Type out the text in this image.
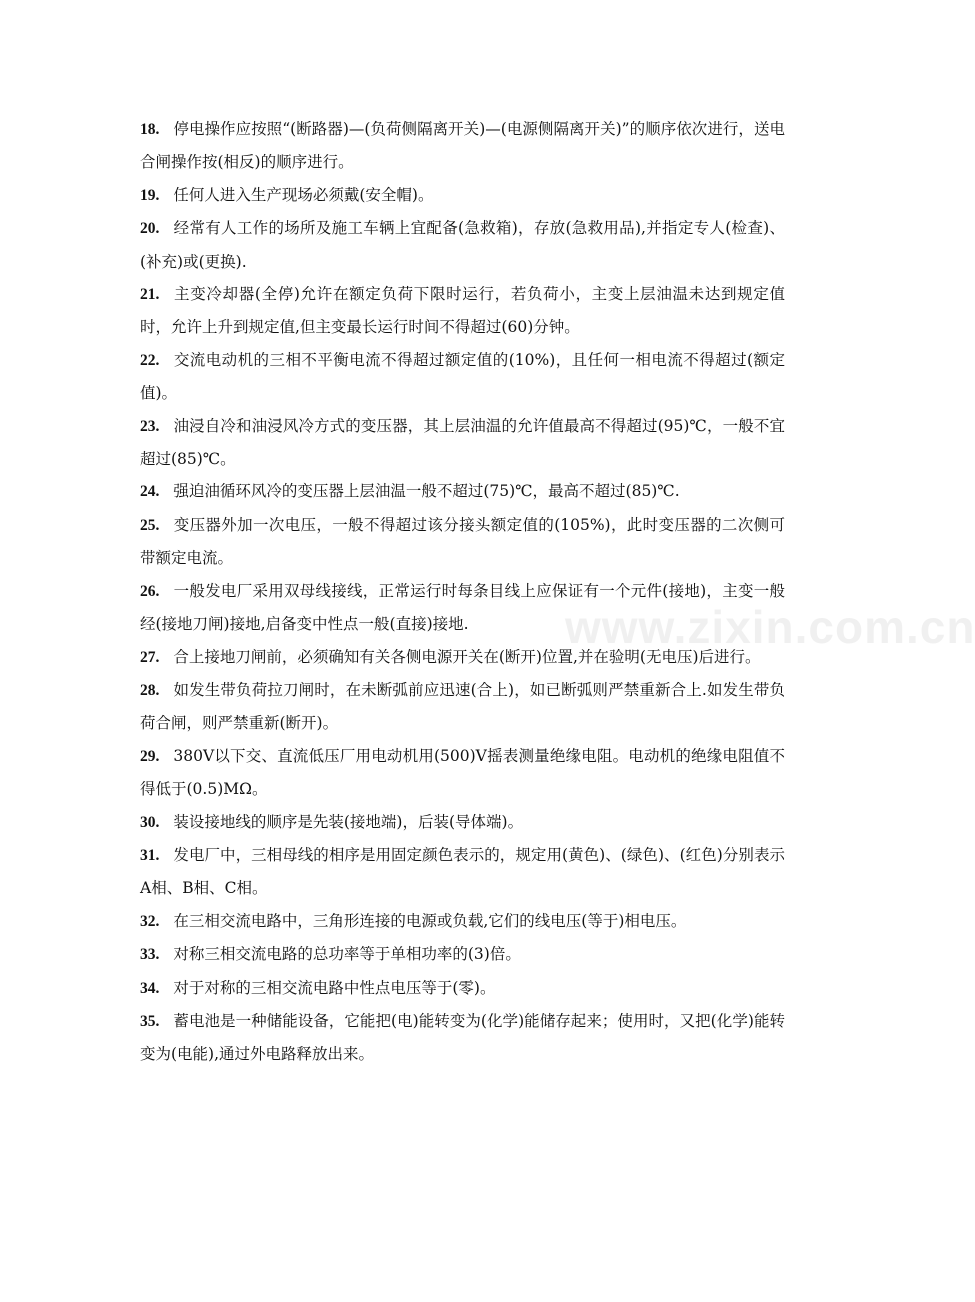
www.zixin.com.cn

18. 停电操作应按照“(断路器)—(负荷侧隔离开关)—(电源侧隔离开关)”的顺序依次进行，送电合闸操作按(相反)的顺序进行。

19. 任何人进入生产现场必须戴(安全帽)。

20. 经常有人工作的场所及施工车辆上宜配备(急救箱)，存放(急救用品),并指定专人(检查)、(补充)或(更换).

21. 主变冷却器(全停)允许在额定负荷下限时运行，若负荷小，主变上层油温未达到规定值时，允许上升到规定值,但主变最长运行时间不得超过(60)分钟。

22. 交流电动机的三相不平衡电流不得超过额定值的(10%)，且任何一相电流不得超过(额定值)。

23. 油浸自冷和油浸风冷方式的变压器，其上层油温的允许值最高不得超过(95)℃，一般不宜超过(85)℃。

24. 强迫油循环风冷的变压器上层油温一般不超过(75)℃，最高不超过(85)℃.

25. 变压器外加一次电压，一般不得超过该分接头额定值的(105%)，此时变压器的二次侧可带额定电流。

26. 一般发电厂采用双母线接线，正常运行时每条目线上应保证有一个元件(接地)，主变一般经(接地刀闸)接地,启备变中性点一般(直接)接地.

27. 合上接地刀闸前，必须确知有关各侧电源开关在(断开)位置,并在验明(无电压)后进行。

28. 如发生带负荷拉刀闸时，在未断弧前应迅速(合上)，如已断弧则严禁重新合上.如发生带负荷合闸，则严禁重新(断开)。

29. 380V以下交、直流低压厂用电动机用(500)V摇表测量绝缘电阻。电动机的绝缘电阻值不得低于(0.5)MΩ。

30. 装设接地线的顺序是先装(接地端)，后装(导体端)。

31. 发电厂中，三相母线的相序是用固定颜色表示的，规定用(黄色)、(绿色)、(红色)分别表示A相、B相、C相。

32. 在三相交流电路中，三角形连接的电源或负载,它们的线电压(等于)相电压。

33. 对称三相交流电路的总功率等于单相功率的(3)倍。

34. 对于对称的三相交流电路中性点电压等于(零)。

35. 蓄电池是一种储能设备，它能把(电)能转变为(化学)能储存起来；使用时，又把(化学)能转变为(电能),通过外电路释放出来。
